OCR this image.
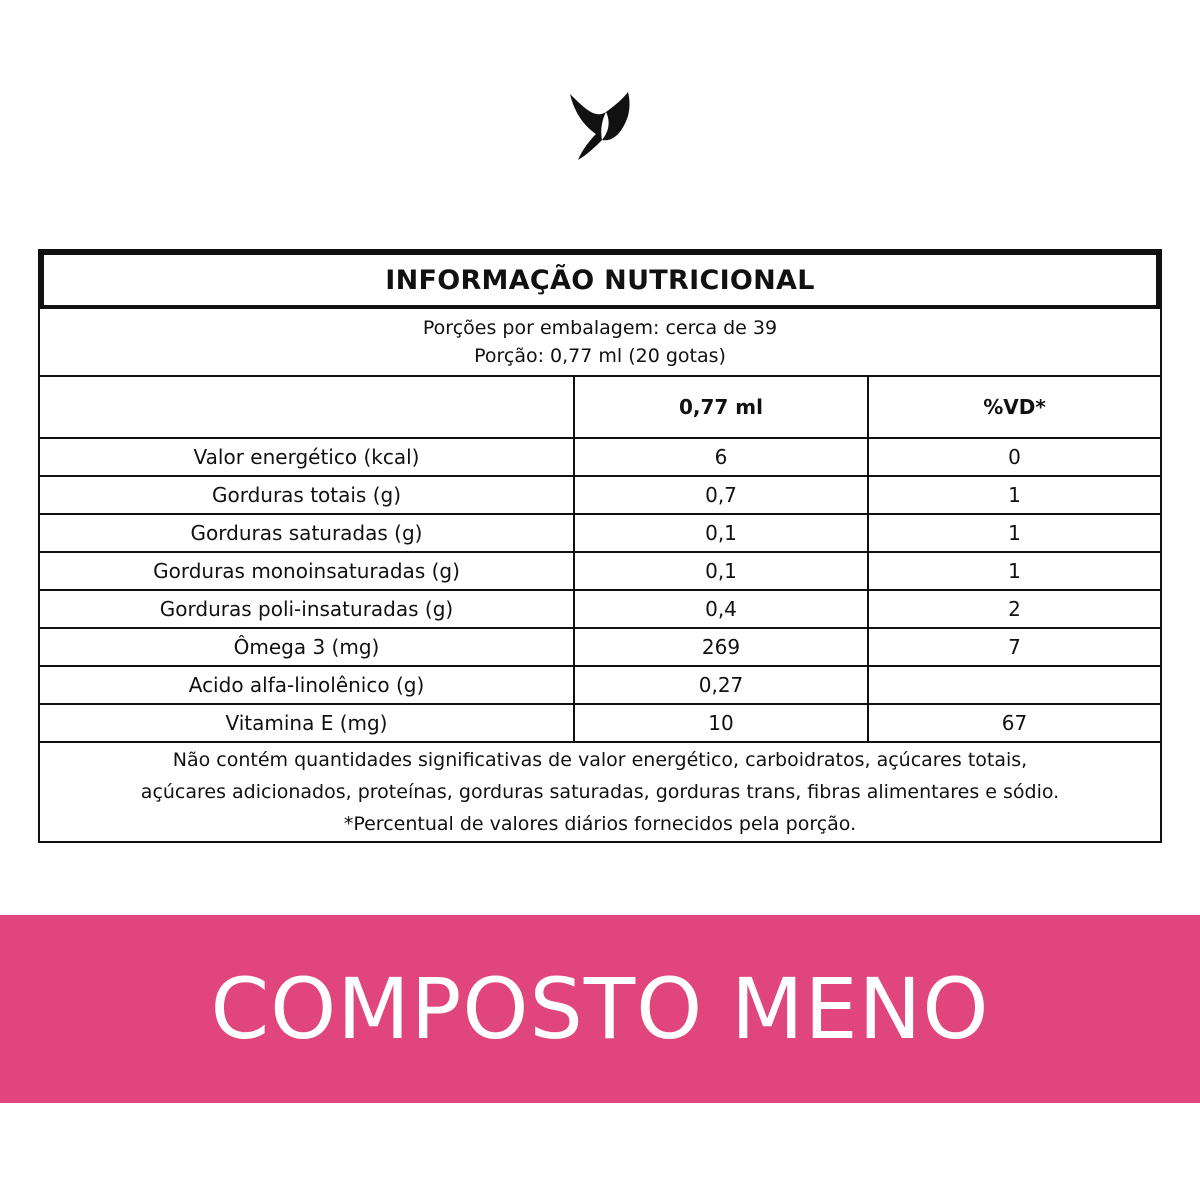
INFORMAÇÃO NUTRICIONAL
Porções por embalagem: cerca de 39
Porção: 0,77 ml (20 gotas)
	0,77 ml	%VD*
Valor energético (kcal)	6	0
Gorduras totais (g)	0,7	1
Gorduras saturadas (g)	0,1	1
Gorduras monoinsaturadas (g)	0,1	1
Gorduras poli-insaturadas (g)	0,4	2
Ômega 3 (mg)	269	7
Acido alfa-linolênico (g)	0,27	
Vitamina E (mg)	10	67
Não contém quantidades significativas de valor energético, carboidratos, açúcares totais,
açúcares adicionados, proteínas, gorduras saturadas, gorduras trans, fibras alimentares e sódio.
*Percentual de valores diários fornecidos pela porção.
COMPOSTO MENO
